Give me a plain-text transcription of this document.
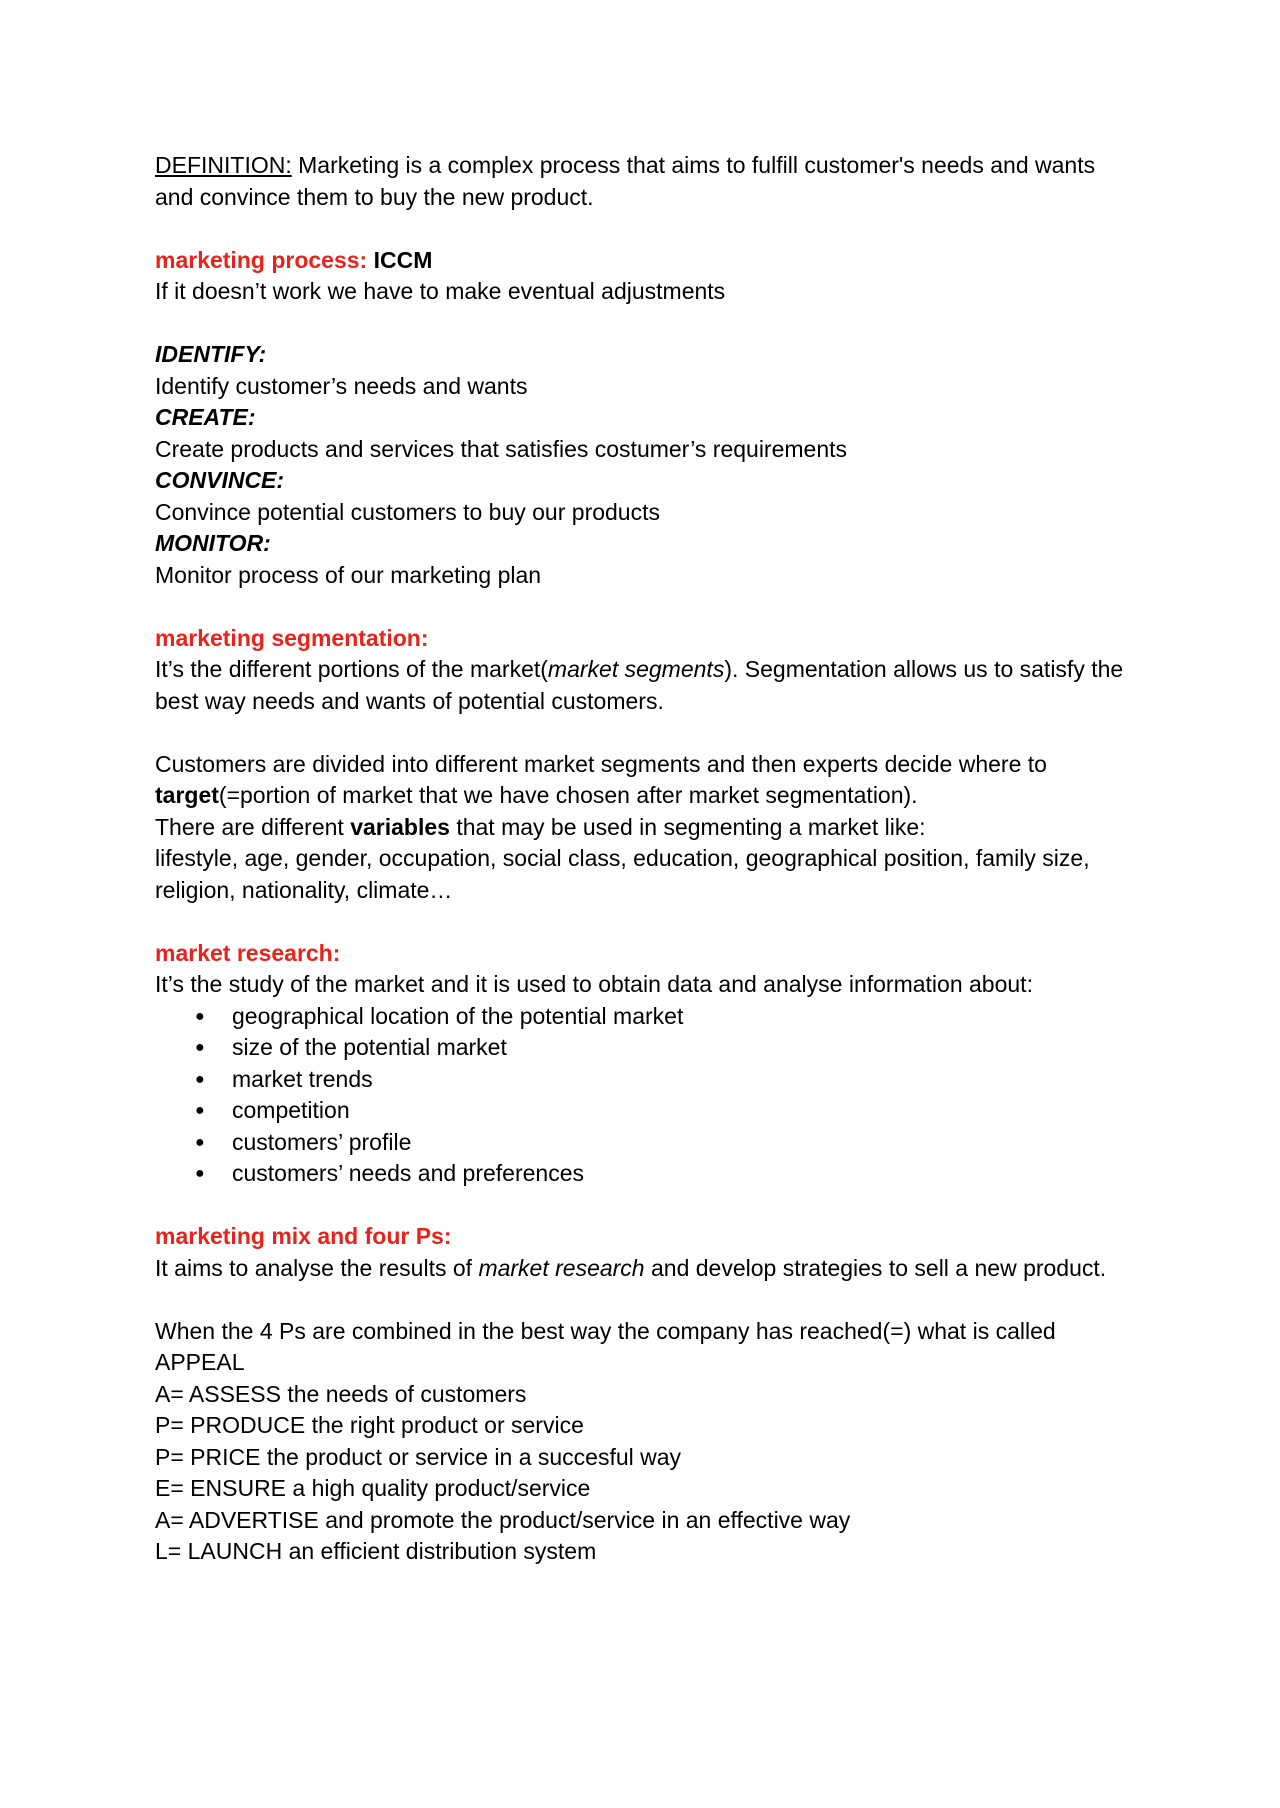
DEFINITION: Marketing is a complex process that aims to fulfill customer's needs and wants and convince them to buy the new product.

marketing process: ICCM
If it doesn’t work we have to make eventual adjustments
IDENTIFY:
Identify customer’s needs and wants
CREATE:
Create products and services that satisfies costumer’s requirements
CONVINCE:
Convince potential customers to buy our products
MONITOR:
Monitor process of our marketing plan
marketing segmentation:

It’s the different portions of the market(market segments). Segmentation allows us to satisfy the best way needs and wants of potential customers.

Customers are divided into different market segments and then experts decide where to target(=portion of market that we have chosen after market segmentation).

There are different variables that may be used in segmenting a market like:

lifestyle, age, gender, occupation, social class, education, geographical position, family size, religion, nationality, climate…

market research:
It’s the study of the market and it is used to obtain data and analyse information about:
●	geographical location of the potential market
●	size of the potential market
●	market trends
●	competition
●	customers’ profile
●	customers’ needs and preferences
marketing mix and four Ps:

It aims to analyse the results of market research and develop strategies to sell a new product.

When the 4 Ps are combined in the best way the company has reached(=) what is called APPEAL

A= ASSESS the needs of customers
P= PRODUCE the right product or service
P= PRICE the product or service in a succesful way
E= ENSURE a high quality product/service
A= ADVERTISE and promote the product/service in an effective way
L= LAUNCH an efficient distribution system
